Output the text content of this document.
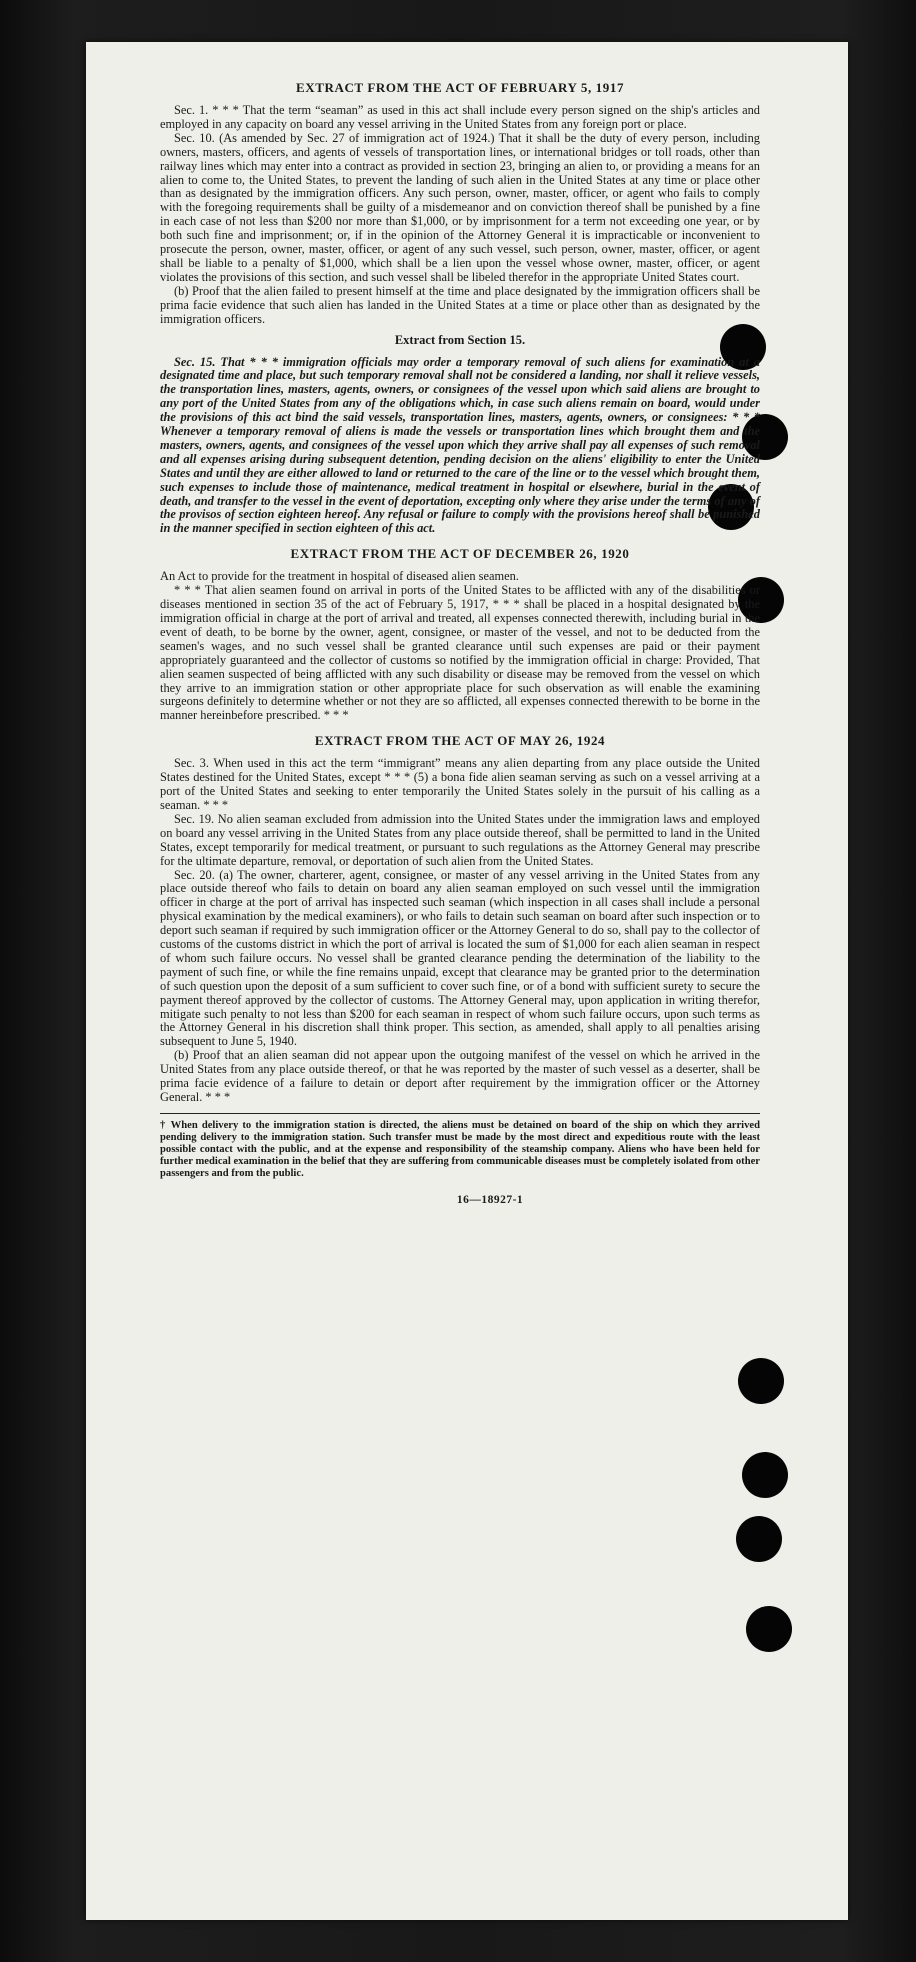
EXTRACT FROM THE ACT OF FEBRUARY 5, 1917

Sec. 1. * * * That the term “seaman” as used in this act shall include every person signed on the ship's articles and employed in any capacity on board any vessel arriving in the United States from any foreign port or place.

Sec. 10. (As amended by Sec. 27 of immigration act of 1924.) That it shall be the duty of every person, including owners, masters, officers, and agents of vessels of transportation lines, or international bridges or toll roads, other than railway lines which may enter into a contract as provided in section 23, bringing an alien to, or providing a means for an alien to come to, the United States, to prevent the landing of such alien in the United States at any time or place other than as designated by the immigration officers. Any such person, owner, master, officer, or agent who fails to comply with the foregoing requirements shall be guilty of a misdemeanor and on conviction thereof shall be punished by a fine in each case of not less than $200 nor more than $1,000, or by imprisonment for a term not exceeding one year, or by both such fine and imprisonment; or, if in the opinion of the Attorney General it is impracticable or inconvenient to prosecute the person, owner, master, officer, or agent of any such vessel, such person, owner, master, officer, or agent shall be liable to a penalty of $1,000, which shall be a lien upon the vessel whose owner, master, officer, or agent violates the provisions of this section, and such vessel shall be libeled therefor in the appropriate United States court.

(b) Proof that the alien failed to present himself at the time and place designated by the immigration officers shall be prima facie evidence that such alien has landed in the United States at a time or place other than as designated by the immigration officers.

Extract from Section 15.

Sec. 15. That * * * immigration officials may order a temporary removal of such aliens for examination at a designated time and place, but such temporary removal shall not be considered a landing, nor shall it relieve vessels, the transportation lines, masters, agents, owners, or consignees of the vessel upon which said aliens are brought to any port of the United States from any of the obligations which, in case such aliens remain on board, would under the provisions of this act bind the said vessels, transportation lines, masters, agents, owners, or consignees: * * * Whenever a temporary removal of aliens is made the vessels or transportation lines which brought them and the masters, owners, agents, and consignees of the vessel upon which they arrive shall pay all expenses of such removal and all expenses arising during subsequent detention, pending decision on the aliens' eligibility to enter the United States and until they are either allowed to land or returned to the care of the line or to the vessel which brought them, such expenses to include those of maintenance, medical treatment in hospital or elsewhere, burial in the event of death, and transfer to the vessel in the event of deportation, excepting only where they arise under the terms of any of the provisos of section eighteen hereof. Any refusal or failure to comply with the provisions hereof shall be punished in the manner specified in section eighteen of this act.

EXTRACT FROM THE ACT OF DECEMBER 26, 1920

An Act to provide for the treatment in hospital of diseased alien seamen.

* * * That alien seamen found on arrival in ports of the United States to be afflicted with any of the disabilities or diseases mentioned in section 35 of the act of February 5, 1917, * * * shall be placed in a hospital designated by the immigration official in charge at the port of arrival and treated, all expenses connected therewith, including burial in the event of death, to be borne by the owner, agent, consignee, or master of the vessel, and not to be deducted from the seamen's wages, and no such vessel shall be granted clearance until such expenses are paid or their payment appropriately guaranteed and the collector of customs so notified by the immigration official in charge: Provided, That alien seamen suspected of being afflicted with any such disability or disease may be removed from the vessel on which they arrive to an immigration station or other appropriate place for such observation as will enable the examining surgeons definitely to determine whether or not they are so afflicted, all expenses connected therewith to be borne in the manner hereinbefore prescribed. * * *

EXTRACT FROM THE ACT OF MAY 26, 1924

Sec. 3. When used in this act the term “immigrant” means any alien departing from any place outside the United States destined for the United States, except * * * (5) a bona fide alien seaman serving as such on a vessel arriving at a port of the United States and seeking to enter temporarily the United States solely in the pursuit of his calling as a seaman. * * *

Sec. 19. No alien seaman excluded from admission into the United States under the immigration laws and employed on board any vessel arriving in the United States from any place outside thereof, shall be permitted to land in the United States, except temporarily for medical treatment, or pursuant to such regulations as the Attorney General may prescribe for the ultimate departure, removal, or deportation of such alien from the United States.

Sec. 20. (a) The owner, charterer, agent, consignee, or master of any vessel arriving in the United States from any place outside thereof who fails to detain on board any alien seaman employed on such vessel until the immigration officer in charge at the port of arrival has inspected such seaman (which inspection in all cases shall include a personal physical examination by the medical examiners), or who fails to detain such seaman on board after such inspection or to deport such seaman if required by such immigration officer or the Attorney General to do so, shall pay to the collector of customs of the customs district in which the port of arrival is located the sum of $1,000 for each alien seaman in respect of whom such failure occurs. No vessel shall be granted clearance pending the determination of the liability to the payment of such fine, or while the fine remains unpaid, except that clearance may be granted prior to the determination of such question upon the deposit of a sum sufficient to cover such fine, or of a bond with sufficient surety to secure the payment thereof approved by the collector of customs. The Attorney General may, upon application in writing therefor, mitigate such penalty to not less than $200 for each seaman in respect of whom such failure occurs, upon such terms as the Attorney General in his discretion shall think proper. This section, as amended, shall apply to all penalties arising subsequent to June 5, 1940.

(b) Proof that an alien seaman did not appear upon the outgoing manifest of the vessel on which he arrived in the United States from any place outside thereof, or that he was reported by the master of such vessel as a deserter, shall be prima facie evidence of a failure to detain or deport after requirement by the immigration officer or the Attorney General. * * *

† When delivery to the immigration station is directed, the aliens must be detained on board of the ship on which they arrived pending delivery to the immigration station. Such transfer must be made by the most direct and expeditious route with the least possible contact with the public, and at the expense and responsibility of the steamship company. Aliens who have been held for further medical examination in the belief that they are suffering from communicable diseases must be completely isolated from other passengers and from the public.

16—18927-1
